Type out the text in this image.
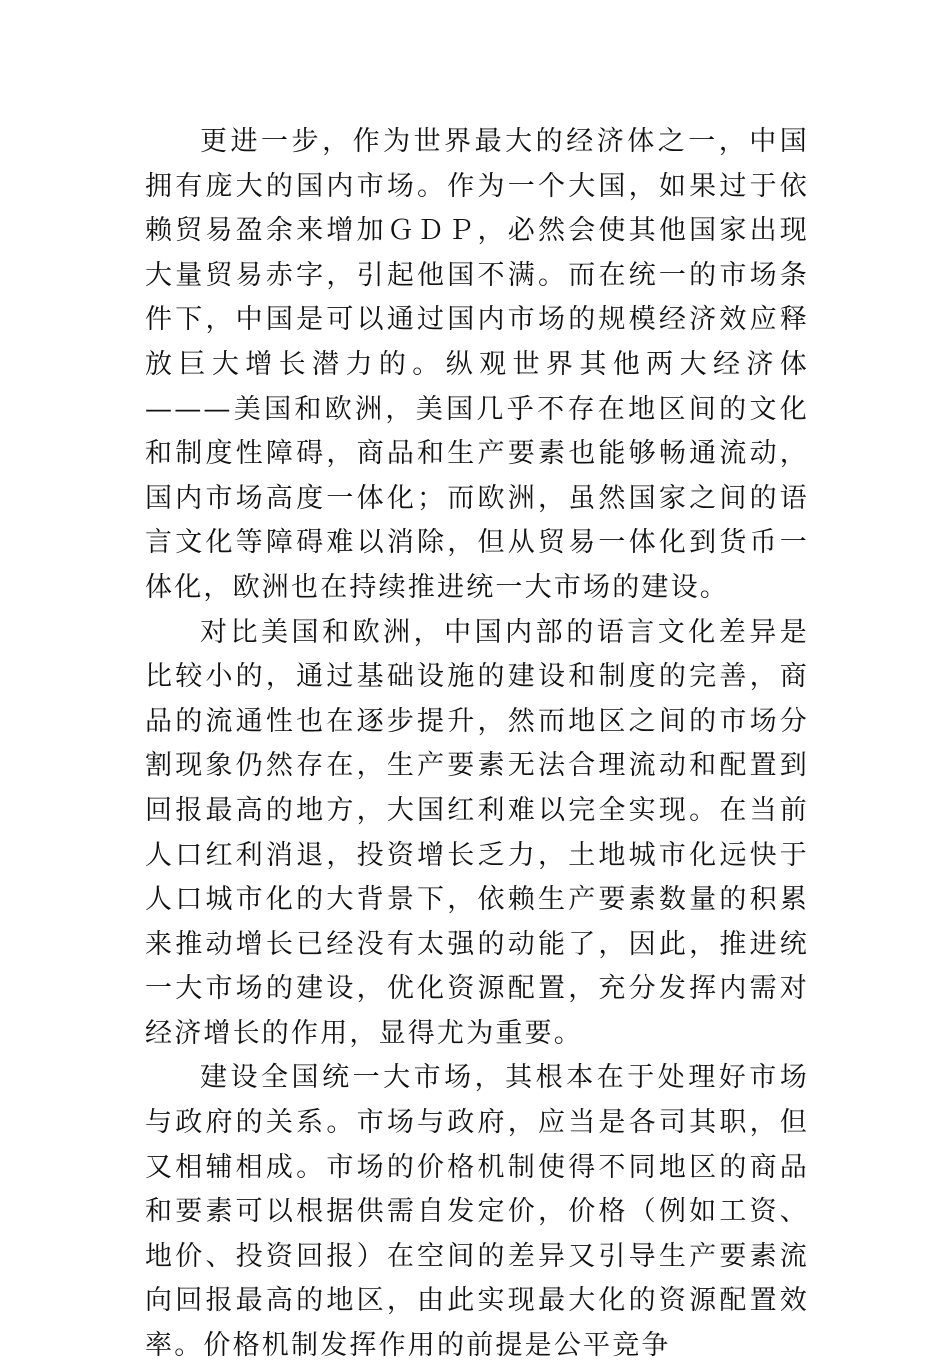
更进一步，作为世界最大的经济体之一，中国拥有庞大的国内市场。作为一个大国，如果过于依赖贸易盈余来增加ＧＤＰ，必然会使其他国家出现大量贸易赤字，引起他国不满。而在统一的市场条件下，中国是可以通过国内市场的规模经济效应释放巨大增长潜力的。纵观世界其他两大经济体———美国和欧洲，美国几乎不存在地区间的文化和制度性障碍，商品和生产要素也能够畅通流动，国内市场高度一体化；而欧洲，虽然国家之间的语言文化等障碍难以消除，但从贸易一体化到货币一体化，欧洲也在持续推进统一大市场的建设。

对比美国和欧洲，中国内部的语言文化差异是比较小的，通过基础设施的建设和制度的完善，商品的流通性也在逐步提升，然而地区之间的市场分割现象仍然存在，生产要素无法合理流动和配置到回报最高的地方，大国红利难以完全实现。在当前人口红利消退，投资增长乏力，土地城市化远快于人口城市化的大背景下，依赖生产要素数量的积累来推动增长已经没有太强的动能了，因此，推进统一大市场的建设，优化资源配置，充分发挥内需对经济增长的作用，显得尤为重要。

建设全国统一大市场，其根本在于处理好市场与政府的关系。市场与政府，应当是各司其职，但又相辅相成。市场的价格机制使得不同地区的商品和要素可以根据供需自发定价，价格（例如工资、地价、投资回报）在空间的差异又引导生产要素流向回报最高的地区，由此实现最大化的资源配置效率。价格机制发挥作用的前提是公平竞争
